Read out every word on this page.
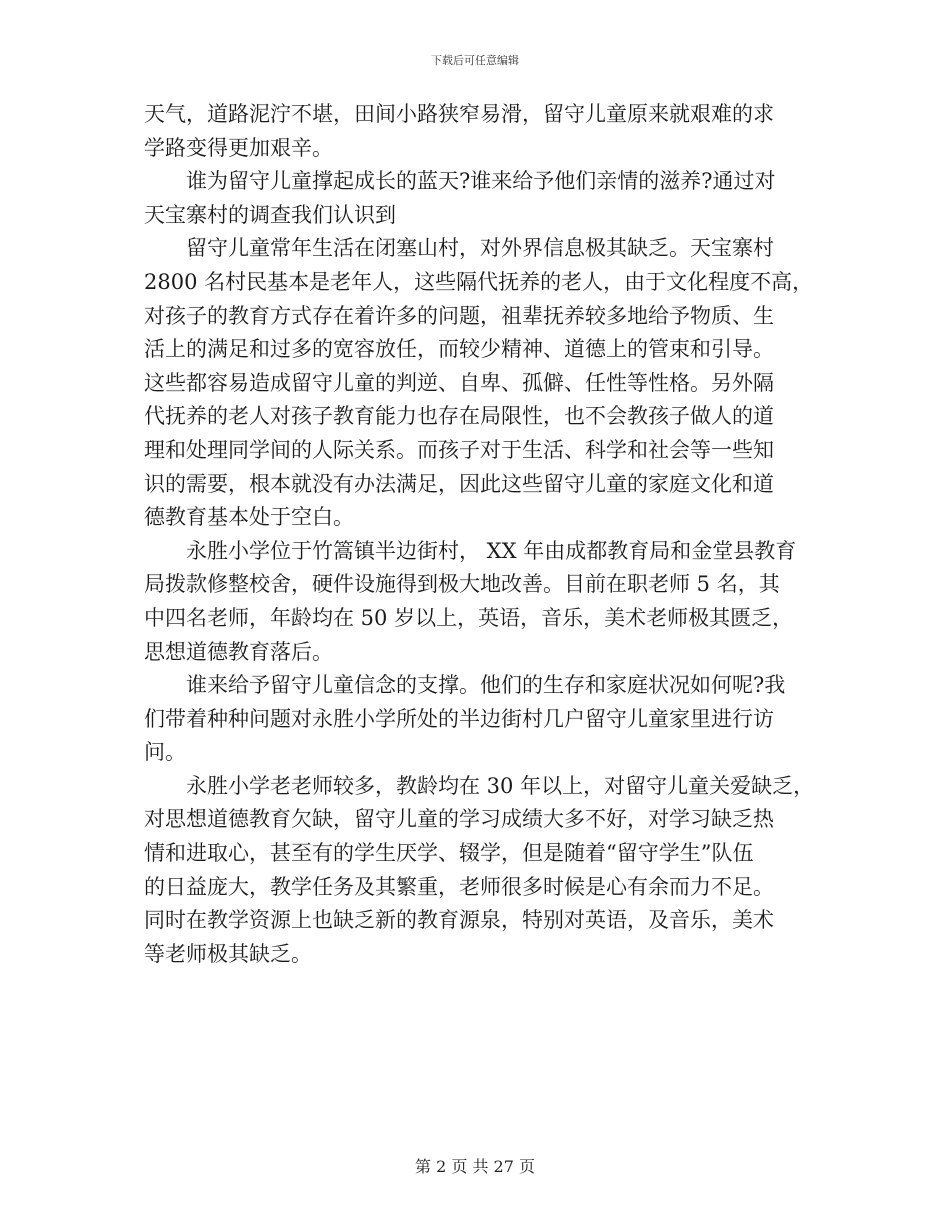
下载后可任意编辑

天气，道路泥泞不堪，田间小路狭窄易滑，留守儿童原来就艰难的求
学路变得更加艰辛。

　　谁为留守儿童撑起成长的蓝天?谁来给予他们亲情的滋养?通过对
天宝寨村的调查我们认识到

　　留守儿童常年生活在闭塞山村，对外界信息极其缺乏。天宝寨村
2800 名村民基本是老年人，这些隔代抚养的老人，由于文化程度不高，
对孩子的教育方式存在着许多的问题，祖辈抚养较多地给予物质、生
活上的满足和过多的宽容放任，而较少精神、道德上的管束和引导。
这些都容易造成留守儿童的判逆、自卑、孤僻、任性等性格。另外隔
代抚养的老人对孩子教育能力也存在局限性，也不会教孩子做人的道
理和处理同学间的人际关系。而孩子对于生活、科学和社会等一些知
识的需要，根本就没有办法满足，因此这些留守儿童的家庭文化和道
德教育基本处于空白。

　　永胜小学位于竹篙镇半边街村， XX 年由成都教育局和金堂县教育
局拨款修整校舍，硬件设施得到极大地改善。目前在职老师 5 名，其
中四名老师，年龄均在 50 岁以上，英语，音乐，美术老师极其匮乏，
思想道德教育落后。

　　谁来给予留守儿童信念的支撑。他们的生存和家庭状况如何呢?我
们带着种种问题对永胜小学所处的半边街村几户留守儿童家里进行访
问。

　　永胜小学老老师较多，教龄均在 30 年以上，对留守儿童关爱缺乏，
对思想道德教育欠缺，留守儿童的学习成绩大多不好，对学习缺乏热
情和进取心，甚至有的学生厌学、辍学，但是随着“留守学生”队伍
的日益庞大，教学任务及其繁重，老师很多时候是心有余而力不足。
同时在教学资源上也缺乏新的教育源泉，特别对英语，及音乐，美术
等老师极其缺乏。

第 2 页 共 27 页
